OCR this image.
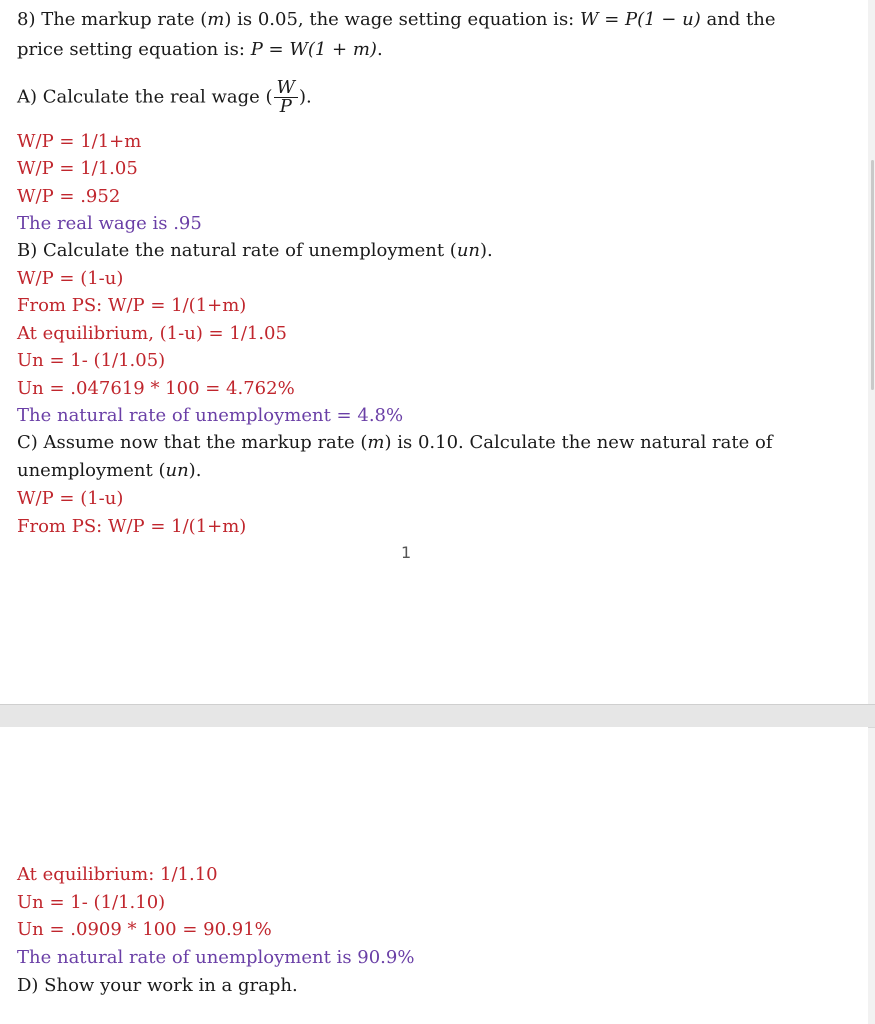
8) The markup rate (m) is 0.05, the wage setting equation is: W = P(1 − u) and the
price setting equation is: P = W(1 + m).
A) Calculate the real wage ( $\frac{W}{P}$ ).
W/P = 1/1+m
W/P = 1/1.05
W/P = .952
The real wage is .95
B) Calculate the natural rate of unemployment (un).
W/P = (1-u)
From PS: W/P = 1/(1+m)
At equilibrium, (1-u) = 1/1.05
Un = 1- (1/1.05)
Un = .047619 * 100 = 4.762%
The natural rate of unemployment = 4.8%
C) Assume now that the markup rate (m) is 0.10. Calculate the new natural rate of
unemployment (un).
W/P = (1-u)
From PS: W/P = 1/(1+m)
1
At equilibrium: 1/1.10
Un = 1- (1/1.10)
Un = .0909 * 100 = 90.91%
The natural rate of unemployment is 90.9%
D) Show your work in a graph.
